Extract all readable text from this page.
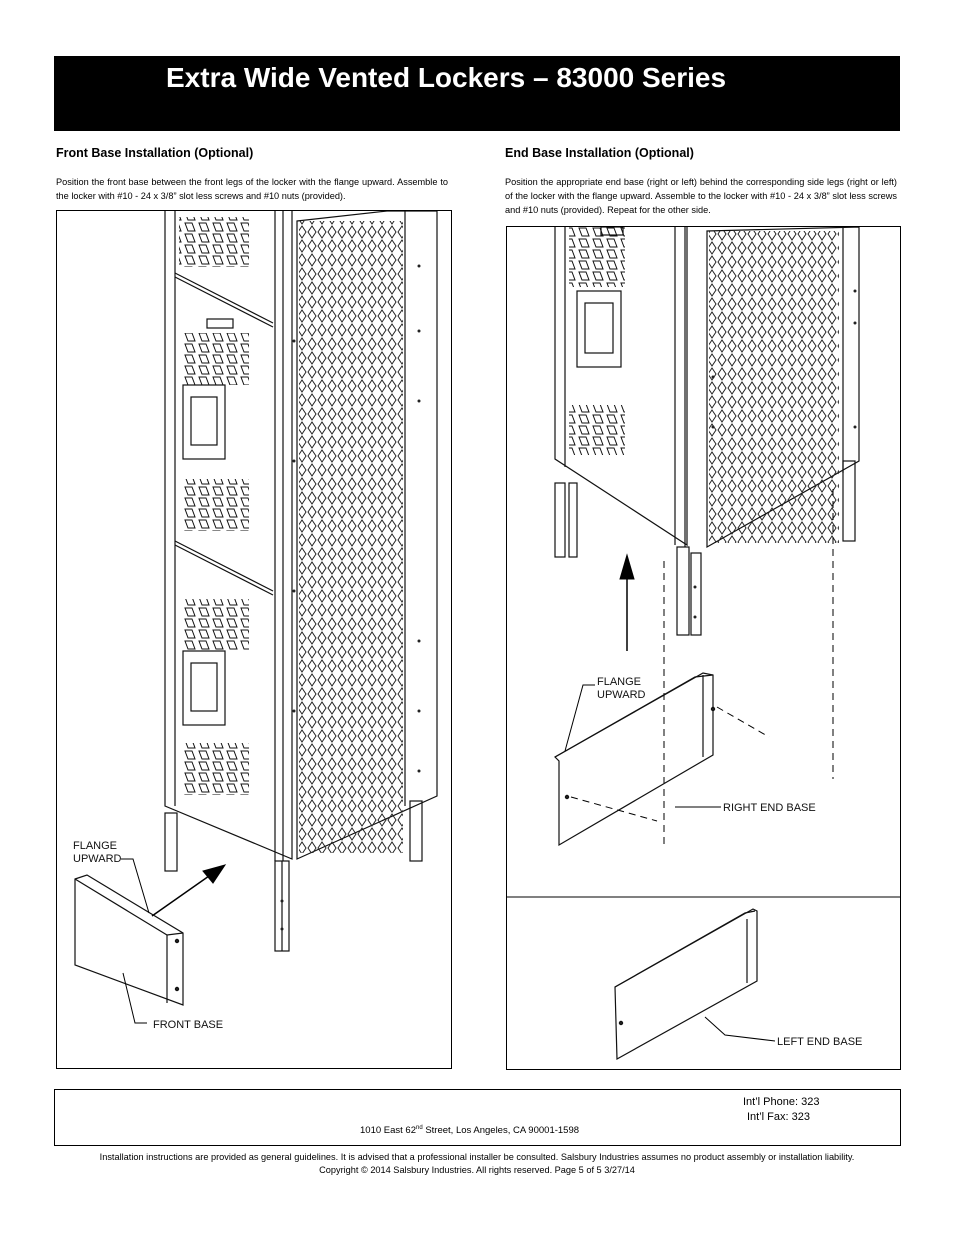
Extra Wide Vented Lockers – 83000 Series
Front Base Installation (Optional)
Position the front base between the front legs of the locker with the flange upward. Assemble to the locker with #10 - 24 x 3/8” slot less screws and #10 nuts (provided).
End Base Installation (Optional)
Position the appropriate end base (right or left) behind the corresponding side legs (right or left) of the locker with the flange upward. Assemble to the locker with #10 - 24 x 3/8” slot less screws and #10 nuts (provided). Repeat for the other side.
FLANGE
UPWARD
FRONT BASE
FLANGE
UPWARD
RIGHT END BASE
LEFT END BASE
Int’l Phone: 323
Int’l Fax: 323
1010 East 62nd Street, Los Angeles, CA 90001-1598
Installation instructions are provided as general guidelines. It is advised that a professional installer be consulted. Salsbury Industries assumes no product assembly or installation liability.
Copyright © 2014 Salsbury Industries. All rights reserved. Page 5 of 5 3/27/14
